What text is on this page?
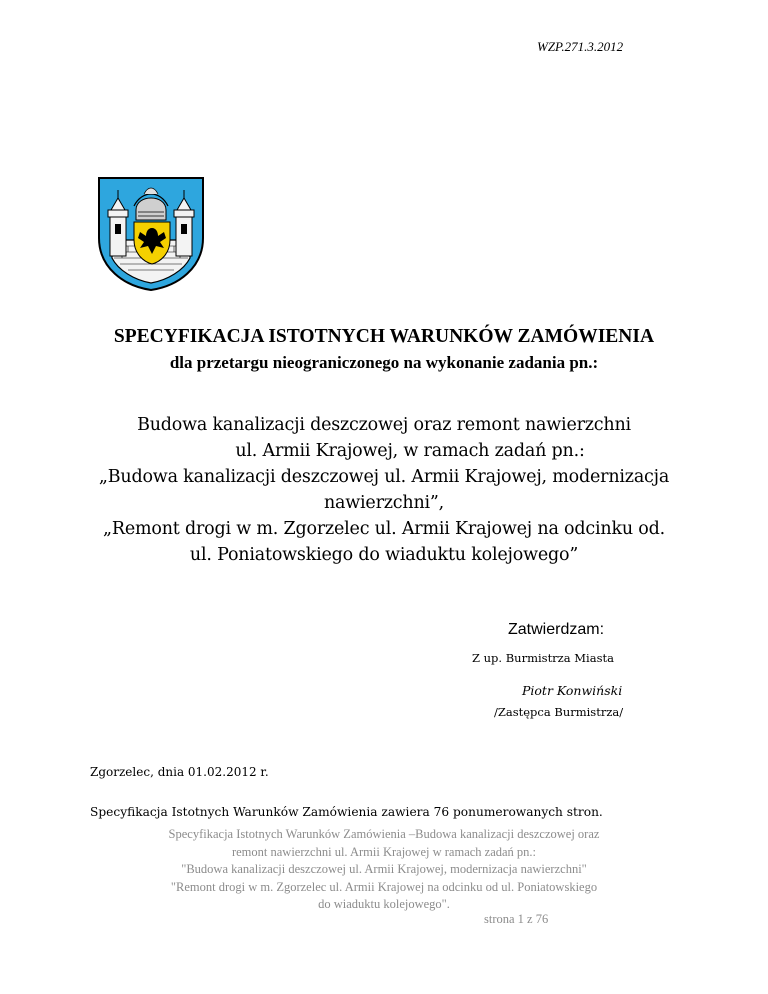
WZP.271.3.2012
SPECYFIKACJA ISTOTNYCH WARUNKÓW ZAMÓWIENIA
dla przetargu nieograniczonego na wykonanie zadania pn.:
Budowa kanalizacji deszczowej oraz remont nawierzchni
ul. Armii Krajowej, w ramach zadań pn.:
„Budowa kanalizacji deszczowej ul. Armii Krajowej, modernizacja
nawierzchni”,
„Remont drogi w m. Zgorzelec ul. Armii Krajowej na odcinku od.
ul. Poniatowskiego do wiaduktu kolejowego”
Zatwierdzam:
Z up. Burmistrza Miasta
Piotr Konwiński
/Zastępca Burmistrza/
Zgorzelec, dnia 01.02.2012 r.
Specyfikacja Istotnych Warunków Zamówienia zawiera 76 ponumerowanych stron.
Specyfikacja Istotnych Warunków Zamówienia –Budowa kanalizacji deszczowej oraz
remont nawierzchni ul. Armii Krajowej w ramach zadań pn.:
"Budowa kanalizacji deszczowej ul. Armii Krajowej, modernizacja nawierzchni"
"Remont drogi w m. Zgorzelec ul. Armii Krajowej na odcinku od ul. Poniatowskiego
do wiaduktu kolejowego".
strona 1 z 76
